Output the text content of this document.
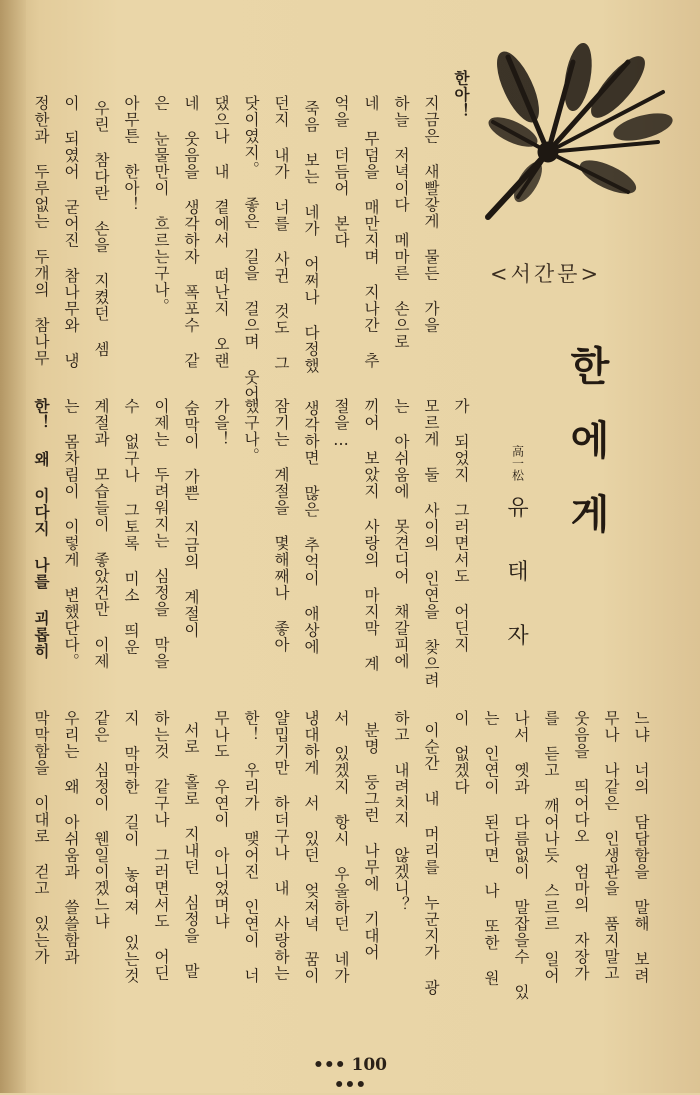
<서간문>
한
에
게
高一松
유
태
자
한아！
지금은 새빨갛게 물든 가을
하늘 저녁이다 메마른 손으로
네 무덤을 매만지며 지나간 추
억을 더듬어 본다
죽음 보는 네가 어쩌나 다정했
던지 내가 너를 사귄 것도 그
닷이였지。 좋은 길을 걸으며 웃어
댔으나 내 곁에서 떠난지 오랜
네 웃음을 생각하자 폭포수 같
은 눈물만이 흐르는구나。
아무튼 한아！
우린 참다란 손을 지켰던 셈
이 되였어 굳어진 참나무와 냉
정한과 두루없는 두개의 참나무
가 되었지 그러면서도 어딘지
모르게 둘 사이의 인연을 찾으려
는 아쉬움에 못견디어 채갈피에
끼어 보았지 사랑의 마지막 계
절을…
생각하면 많은 추억이 애상에
잠기는 계절을 몇해째나 좋아
했구나。
가을！
숨막이 가쁜 지금의 계절이
이제는 두려워지는 심정을 막을
수 없구나 그토록 미소 띄운
계절과 모습들이 좋았건만 이제
는 몸차림이 이렇게 변했단다。
한！ 왜 이다지 나를 괴롭히
느냐 너의 담담함을 말해 보려
무나 나같은 인생관을 품지말고
웃음을 띄어다오 엄마의 자장가
를 듣고 깨어나듯 스르르 일어
나서 옛과 다름없이 말잡을수 있
는 인연이 된다면 나 또한 원
이 없겠다
이순간 내 머리를 누군지가 광
하고 내려치지 않겠니？
분명 둥그런 나무에 기대어
서 있겠지 항시 우울하던 네가
냉대하게 서 있던 엊저녁 꿈이
얄밉기만 하더구나 내 사랑하는
한！ 우리가 맺어진 인연이 너
무나도 우연이 아니었며냐
서로 홀로 지내던 심정을 말
하는것 같구나 그러면서도 어딘
지 막막한 길이 놓여져 있는것
같은 심정이 웬일이겠느냐
우리는 왜 아쉬움과 쓸쓸함과
막막함을 이대로 걷고 있는가
••• 100 •••
